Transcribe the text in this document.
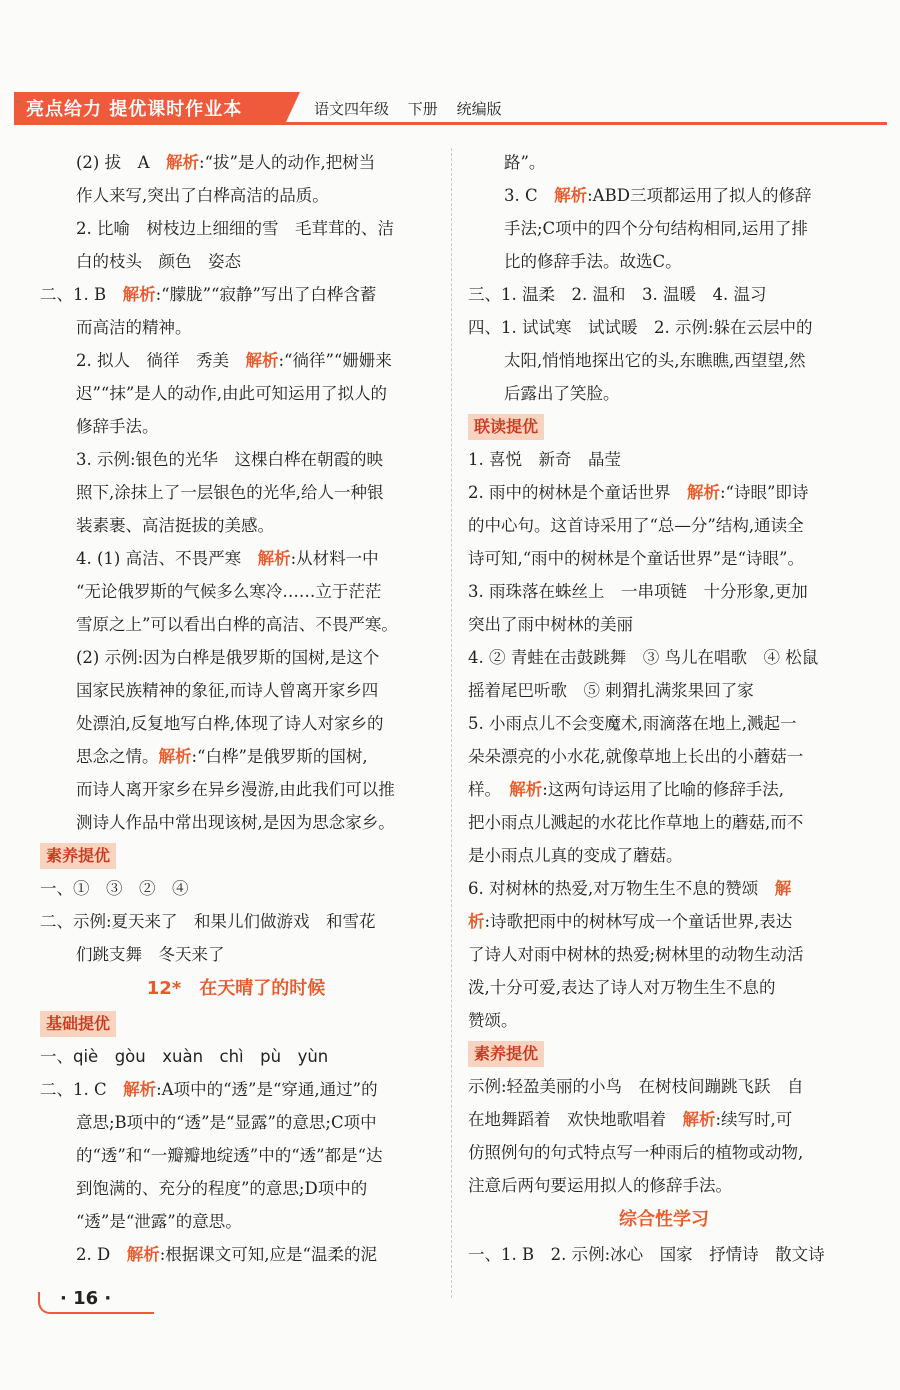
亮点给力 提优课时作业本	语文四年级 下册 统编版
(2) 拔　A　解析:“拔”是人的动作,把树当
作人来写,突出了白桦高洁的品质。
2. 比喻　树枝边上细细的雪　毛茸茸的、洁
白的枝头　颜色　姿态
二、1. B　解析:“朦胧”“寂静”写出了白桦含蓄
而高洁的精神。
2. 拟人　徜徉　秀美　解析:“徜徉”“姗姗来
迟”“抹”是人的动作,由此可知运用了拟人的
修辞手法。
3. 示例:银色的光华　这棵白桦在朝霞的映
照下,涂抹上了一层银色的光华,给人一种银
装素裹、高洁挺拔的美感。
4. (1) 高洁、不畏严寒　解析:从材料一中
“无论俄罗斯的气候多么寒冷……立于茫茫
雪原之上”可以看出白桦的高洁、不畏严寒。
(2) 示例:因为白桦是俄罗斯的国树,是这个
国家民族精神的象征,而诗人曾离开家乡四
处漂泊,反复地写白桦,体现了诗人对家乡的
思念之情。解析:“白桦”是俄罗斯的国树,
而诗人离开家乡在异乡漫游,由此我们可以推
测诗人作品中常出现该树,是因为思念家乡。
素养提优
一、①　③　②　④
二、示例:夏天来了　和果儿们做游戏　和雪花
们跳支舞　冬天来了
12*　在天晴了的时候
基础提优
一、qiè　gòu　xuàn　chì　pù　yùn
二、1. C　解析:A项中的“透”是“穿通,通过”的
意思;B项中的“透”是“显露”的意思;C项中
的“透”和“一瓣瓣地绽透”中的“透”都是“达
到饱满的、充分的程度”的意思;D项中的
“透”是“泄露”的意思。
2. D　解析:根据课文可知,应是“温柔的泥
路”。
3. C　解析:ABD三项都运用了拟人的修辞
手法;C项中的四个分句结构相同,运用了排
比的修辞手法。故选C。
三、1. 温柔　2. 温和　3. 温暖　4. 温习
四、1. 试试寒　试试暖　2. 示例:躲在云层中的
太阳,悄悄地探出它的头,东瞧瞧,西望望,然
后露出了笑脸。
联读提优
1. 喜悦　新奇　晶莹
2. 雨中的树林是个童话世界　解析:“诗眼”即诗
的中心句。这首诗采用了“总—分”结构,通读全
诗可知,“雨中的树林是个童话世界”是“诗眼”。
3. 雨珠落在蛛丝上　一串项链　十分形象,更加
突出了雨中树林的美丽
4. ② 青蛙在击鼓跳舞　③ 鸟儿在唱歌　④ 松鼠
摇着尾巴听歌　⑤ 刺猬扎满浆果回了家
5. 小雨点儿不会变魔术,雨滴落在地上,溅起一
朵朵漂亮的小水花,就像草地上长出的小蘑菇一
样。　解析:这两句诗运用了比喻的修辞手法,
把小雨点儿溅起的水花比作草地上的蘑菇,而不
是小雨点儿真的变成了蘑菇。
6. 对树林的热爱,对万物生生不息的赞颂　解
析:诗歌把雨中的树林写成一个童话世界,表达
了诗人对雨中树林的热爱;树林里的动物生动活
泼,十分可爱,表达了诗人对万物生生不息的
赞颂。
素养提优
示例:轻盈美丽的小鸟　在树枝间蹦跳飞跃　自
在地舞蹈着　欢快地歌唱着　解析:续写时,可
仿照例句的句式特点写一种雨后的植物或动物,
注意后两句要运用拟人的修辞手法。
综合性学习
一、1. B　2. 示例:冰心　国家　抒情诗　散文诗
· 16 ·
